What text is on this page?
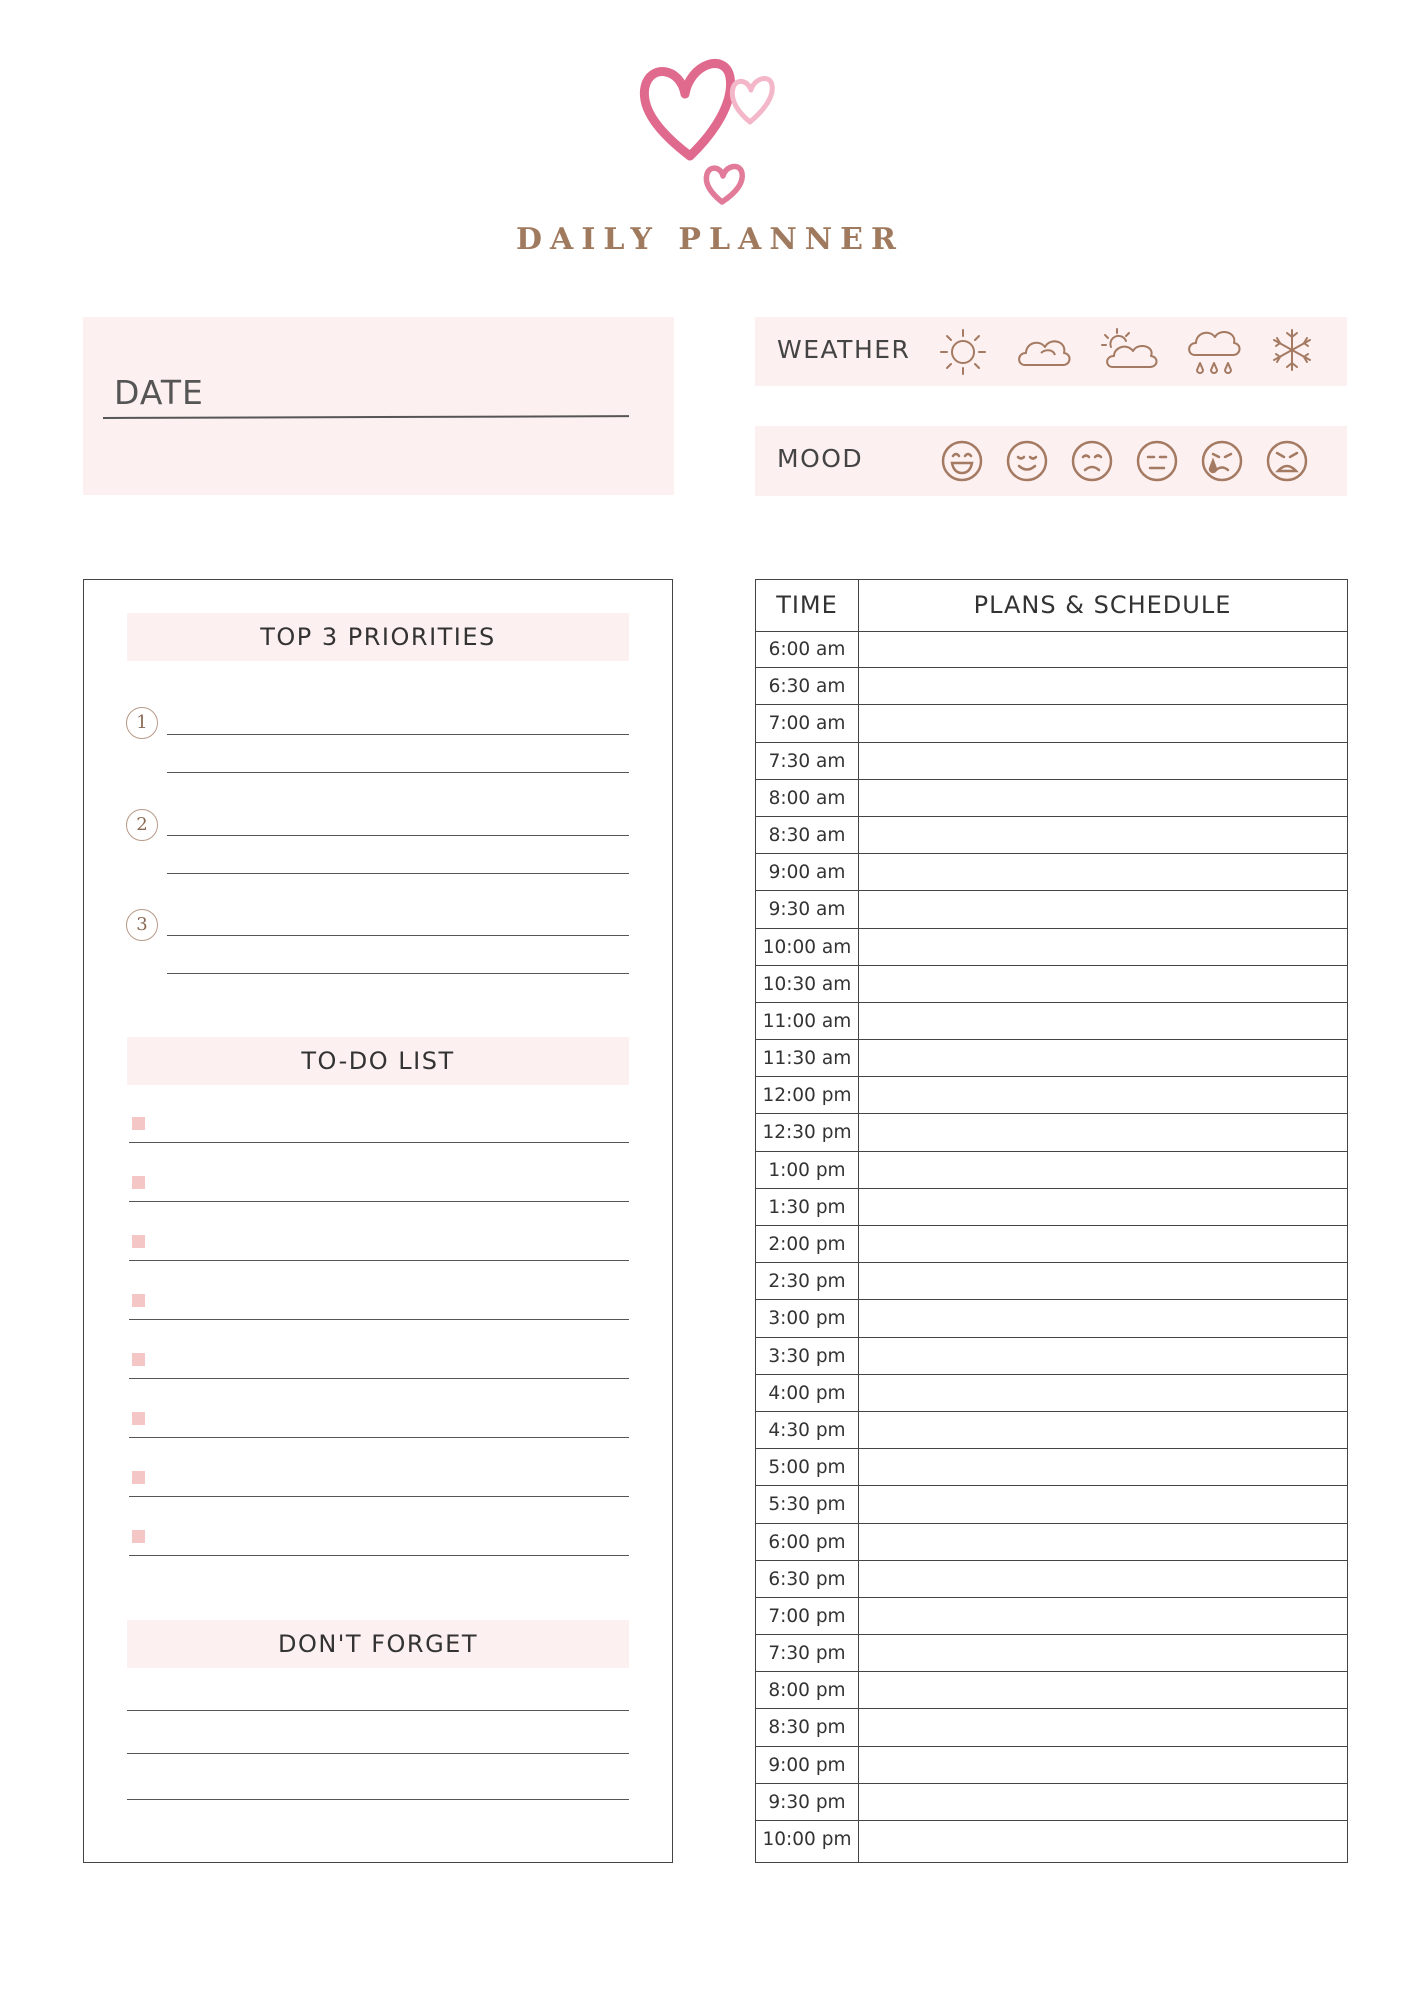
DAILY PLANNER
DATE
WEATHER
MOOD
TOP 3 PRIORITIES
1
2
3
TO-DO LIST
DON'T FORGET
TIME	PLANS & SCHEDULE
6:00 am
6:30 am
7:00 am
7:30 am
8:00 am
8:30 am
9:00 am
9:30 am
10:00 am
10:30 am
11:00 am
11:30 am
12:00 pm
12:30 pm
1:00 pm
1:30 pm
2:00 pm
2:30 pm
3:00 pm
3:30 pm
4:00 pm
4:30 pm
5:00 pm
5:30 pm
6:00 pm
6:30 pm
7:00 pm
7:30 pm
8:00 pm
8:30 pm
9:00 pm
9:30 pm
10:00 pm
